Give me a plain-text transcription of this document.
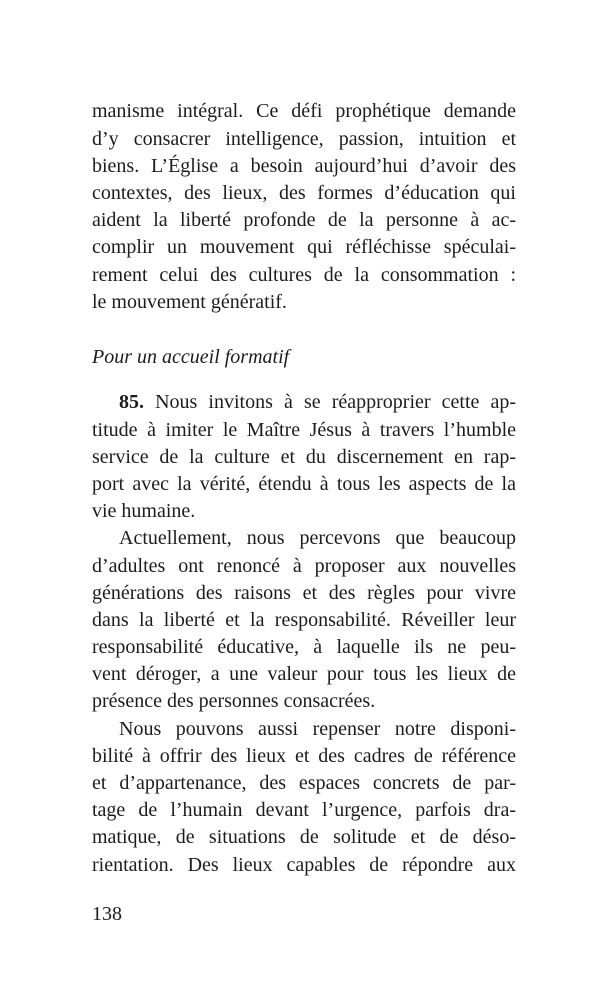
manisme intégral. Ce défi prophétique demande
d’y consacrer intelligence, passion, intuition et
biens. L’Église a besoin aujourd’hui d’avoir des
contextes, des lieux, des formes d’éducation qui
aident la liberté profonde de la personne à ac-
complir un mouvement qui réfléchisse spéculai-
rement celui des cultures de la consommation :
le mouvement génératif.
Pour un accueil formatif
85. Nous invitons à se réapproprier cette ap-
titude à imiter le Maître Jésus à travers l’humble
service de la culture et du discernement en rap-
port avec la vérité, étendu à tous les aspects de la
vie humaine.
Actuellement, nous percevons que beaucoup
d’adultes ont renoncé à proposer aux nouvelles
générations des raisons et des règles pour vivre
dans la liberté et la responsabilité. Réveiller leur
responsabilité éducative, à laquelle ils ne peu-
vent déroger, a une valeur pour tous les lieux de
présence des personnes consacrées.
Nous pouvons aussi repenser notre disponi-
bilité à offrir des lieux et des cadres de référence
et d’appartenance, des espaces concrets de par-
tage de l’humain devant l’urgence, parfois dra-
matique, de situations de solitude et de déso-
rientation. Des lieux capables de répondre aux
138
